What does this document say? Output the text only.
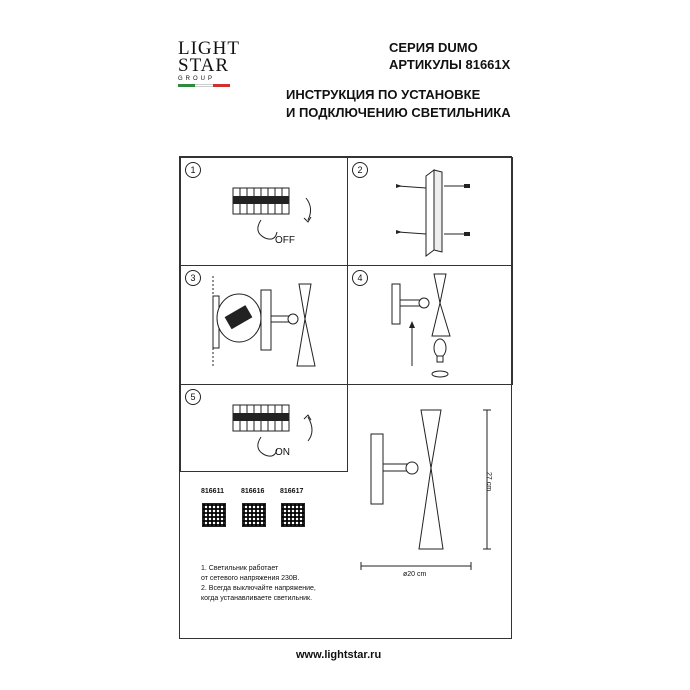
LIGHT
STAR
GROUP
СЕРИЯ DUMO
АРТИКУЛЫ 81661X
ИНСТРУКЦИЯ ПО УСТАНОВКЕ
И ПОДКЛЮЧЕНИЮ СВЕТИЛЬНИКА
1
OFF
2
3	4
5
ON
27 cm
ø20 cm
816611 816616 816617
1. Светильник работает
от сетевого напряжения 230В.
2. Всегда выключайте напряжение,
когда устанавливаете светильник.
www.lightstar.ru
